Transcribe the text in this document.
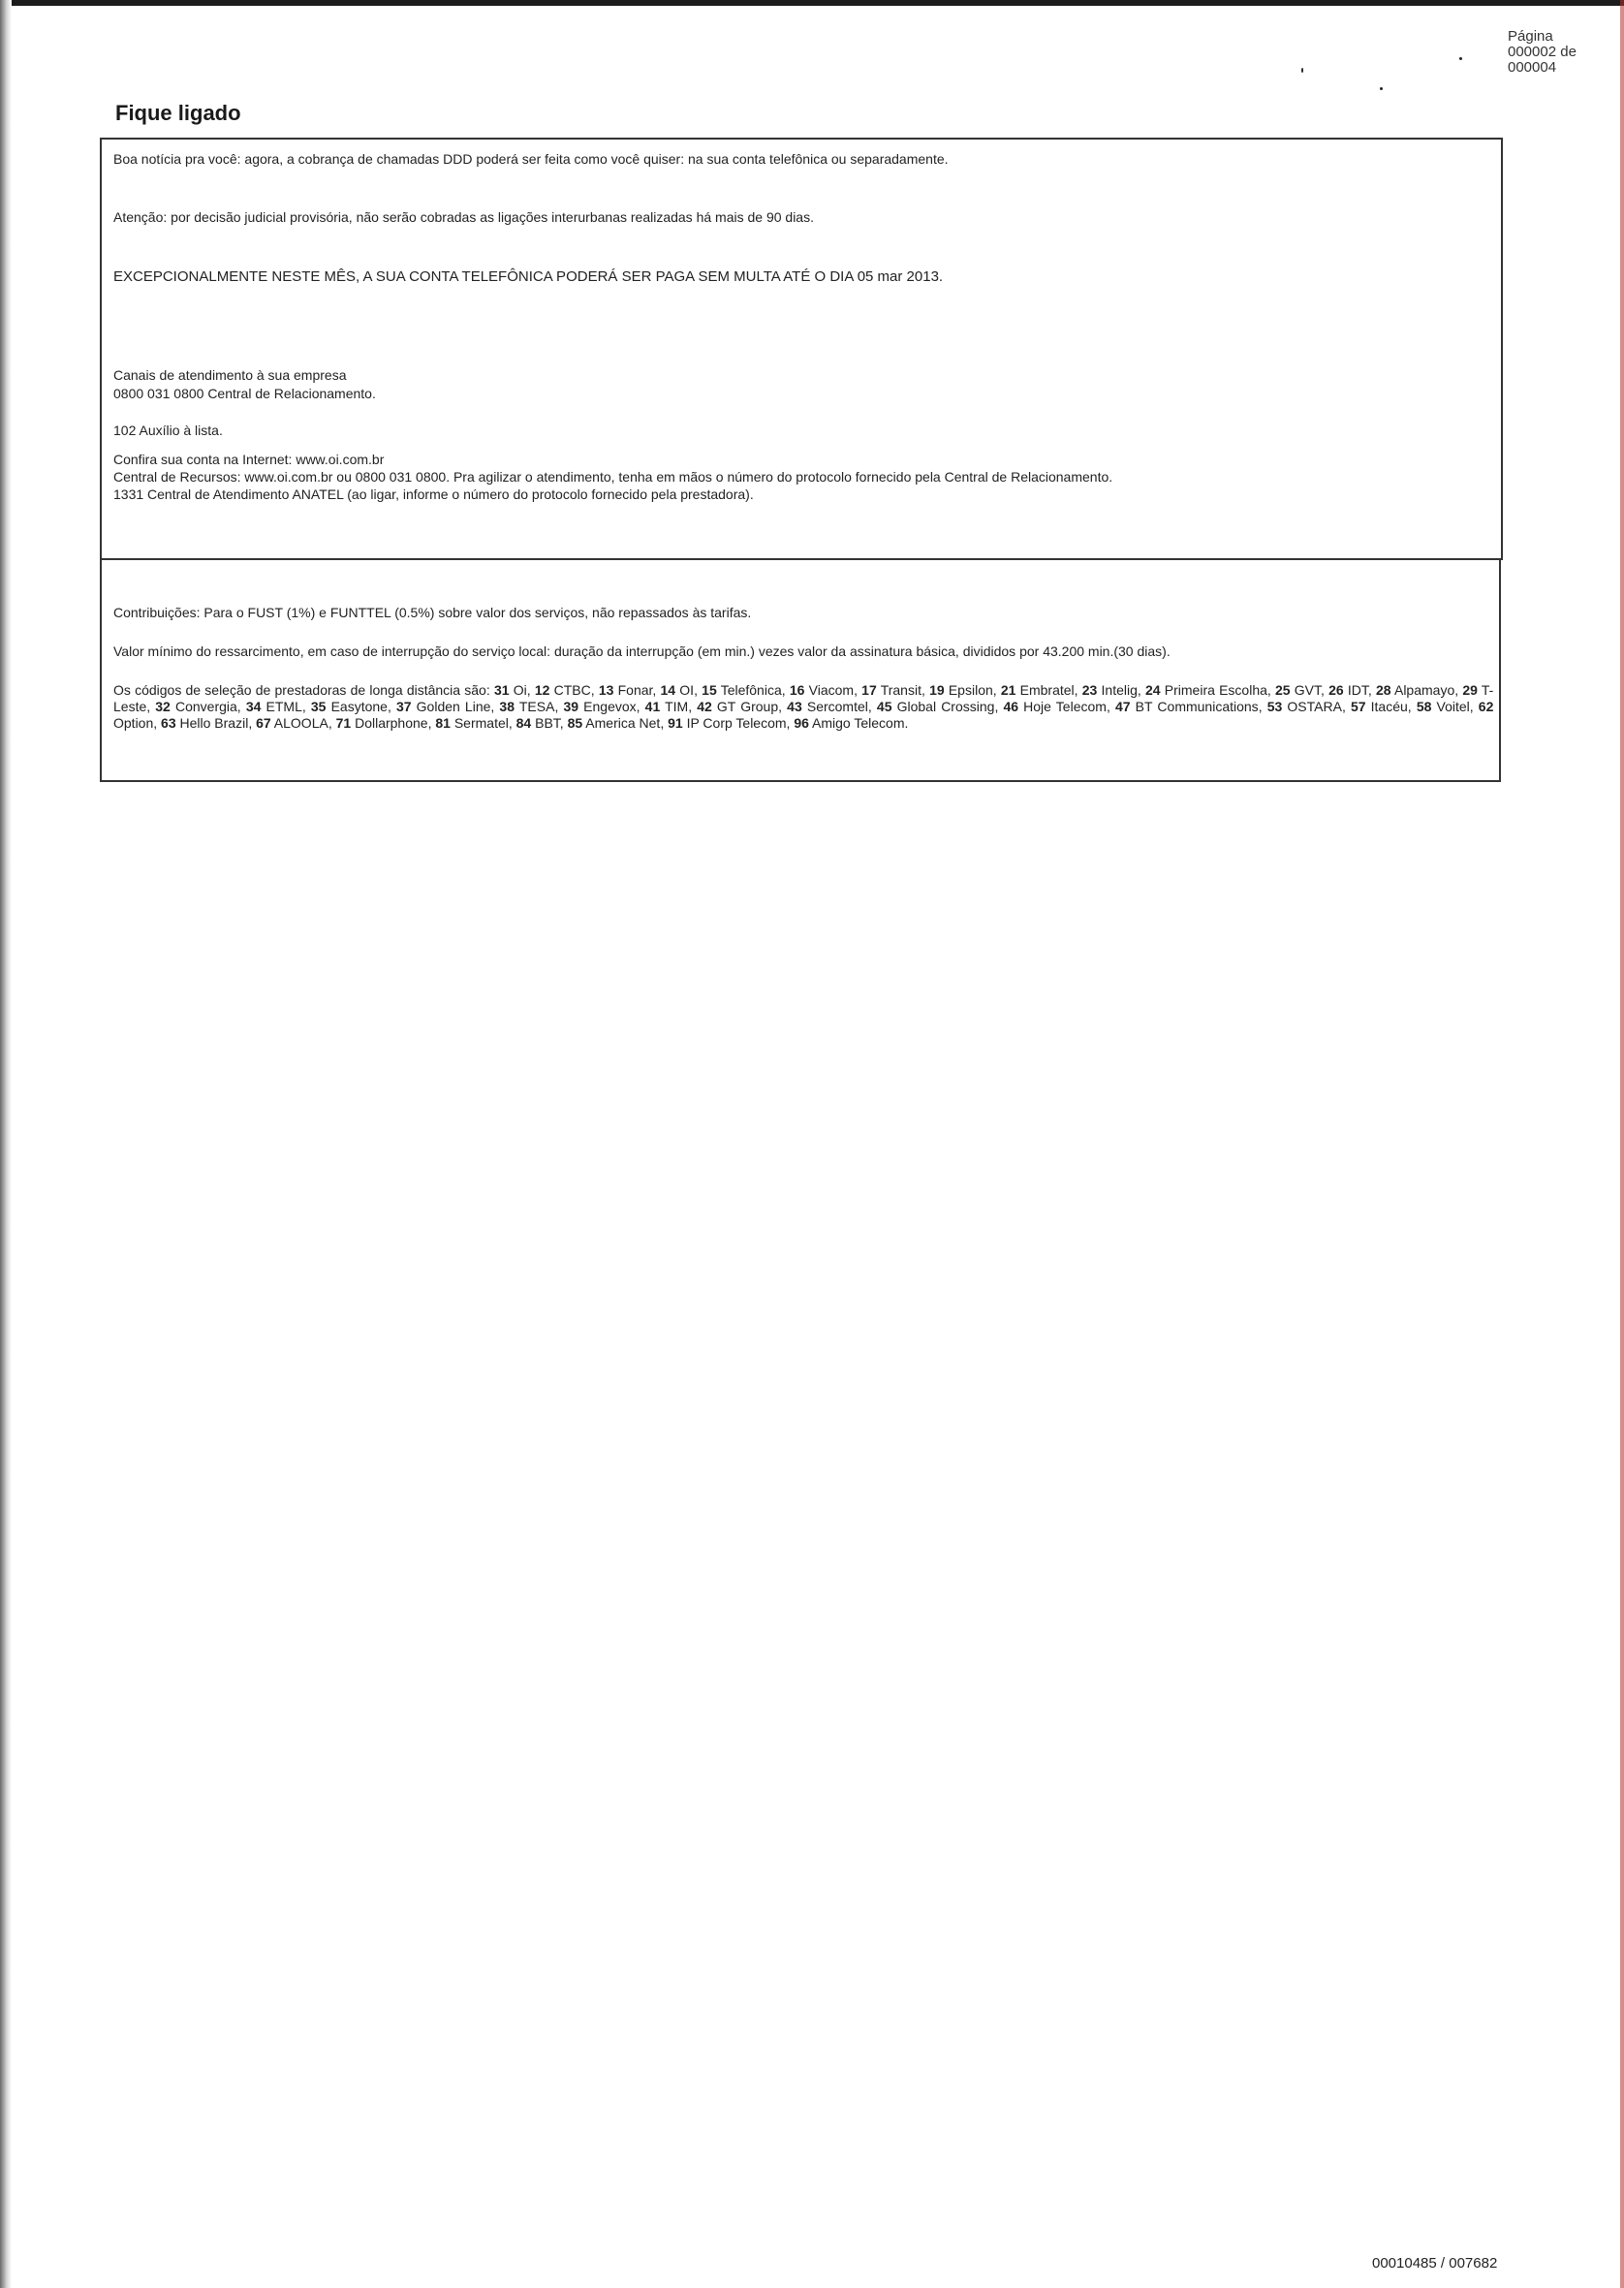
Página
000002 de
000004
Fique ligado
Boa notícia pra você: agora, a cobrança de chamadas DDD poderá ser feita como você quiser: na sua conta telefônica ou separadamente.
Atenção: por decisão judicial provisória, não serão cobradas as ligações interurbanas realizadas há mais de 90 dias.
EXCEPCIONALMENTE NESTE MÊS, A SUA CONTA TELEFÔNICA PODERÁ SER PAGA SEM MULTA ATÉ O DIA 05 mar 2013.
Canais de atendimento à sua empresa
0800 031 0800 Central de Relacionamento.
102 Auxílio à lista.
Confira sua conta na Internet: www.oi.com.br
Central de Recursos: www.oi.com.br ou 0800 031 0800. Pra agilizar o atendimento, tenha em mãos o número do protocolo fornecido pela Central de Relacionamento.
1331 Central de Atendimento ANATEL (ao ligar, informe o número do protocolo fornecido pela prestadora).
Contribuições: Para o FUST (1%) e FUNTTEL (0.5%) sobre valor dos serviços, não repassados às tarifas.
Valor mínimo do ressarcimento, em caso de interrupção do serviço local: duração da interrupção (em min.) vezes valor da assinatura básica, divididos por 43.200 min.(30 dias).
Os códigos de seleção de prestadoras de longa distância são: 31 Oi, 12 CTBC, 13 Fonar, 14 OI, 15 Telefônica, 16 Viacom, 17 Transit, 19 Epsilon, 21 Embratel, 23 Intelig, 24 Primeira Escolha, 25 GVT, 26 IDT, 28 Alpamayo, 29 T-Leste, 32 Convergia, 34 ETML, 35 Easytone, 37 Golden Line, 38 TESA, 39 Engevox, 41 TIM, 42 GT Group, 43 Sercomtel, 45 Global Crossing, 46 Hoje Telecom, 47 BT Communications, 53 OSTARA, 57 Itacéu, 58 Voitel, 62 Option, 63 Hello Brazil, 67 ALOOLA, 71 Dollarphone, 81 Sermatel, 84 BBT, 85 America Net, 91 IP Corp Telecom, 96 Amigo Telecom.
00010485 / 007682
